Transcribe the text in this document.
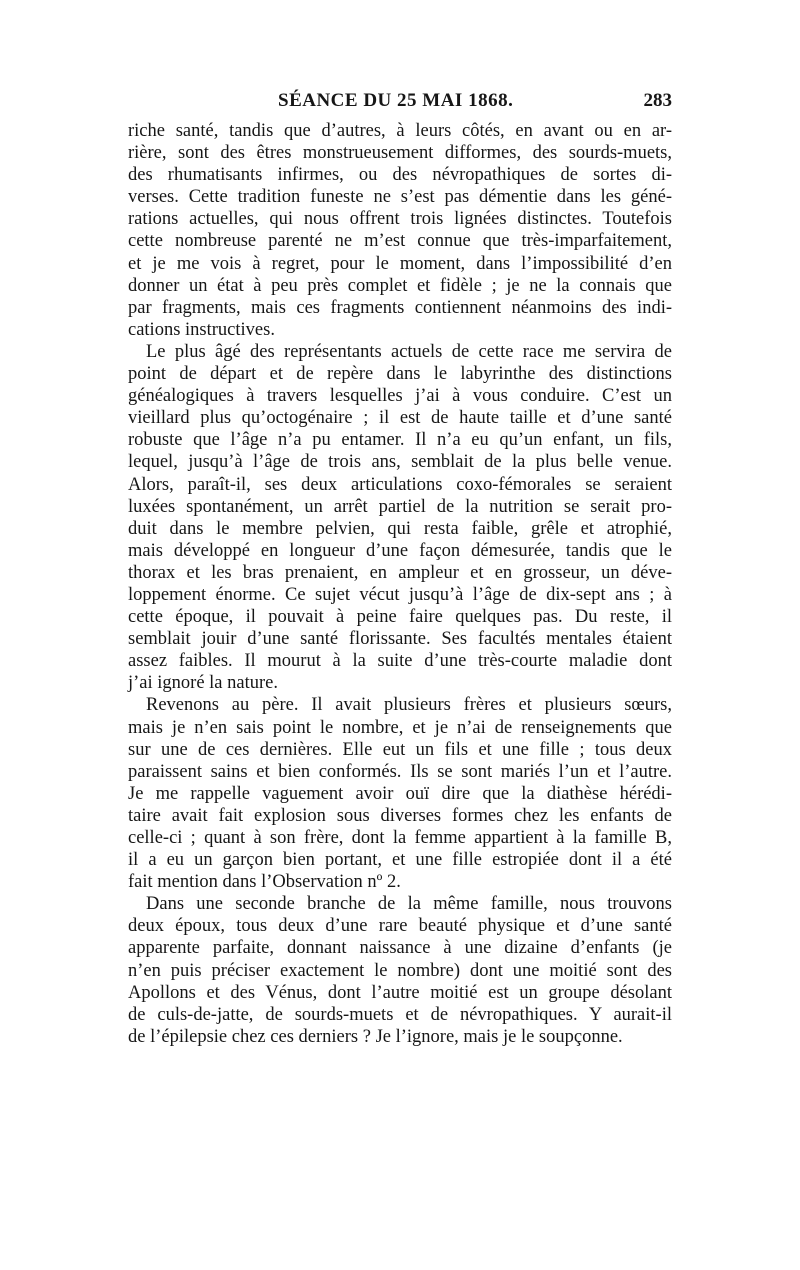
SÉANCE DU 25 MAI 1868.	283

riche santé, tandis que d’autres, à leurs côtés, en avant ou en ar-

rière, sont des êtres monstrueusement difformes, des sourds-muets,

des rhumatisants infirmes, ou des névropathiques de sortes di-

verses. Cette tradition funeste ne s’est pas démentie dans les géné-

rations actuelles, qui nous offrent trois lignées distinctes. Toutefois

cette nombreuse parenté ne m’est connue que très-imparfaitement,

et je me vois à regret, pour le moment, dans l’impossibilité d’en

donner un état à peu près complet et fidèle ; je ne la connais que

par fragments, mais ces fragments contiennent néanmoins des indi-

cations instructives.

Le plus âgé des représentants actuels de cette race me servira de

point de départ et de repère dans le labyrinthe des distinctions

généalogiques à travers lesquelles j’ai à vous conduire. C’est un

vieillard plus qu’octogénaire ; il est de haute taille et d’une santé

robuste que l’âge n’a pu entamer. Il n’a eu qu’un enfant, un fils,

lequel, jusqu’à l’âge de trois ans, semblait de la plus belle venue.

Alors, paraît-il, ses deux articulations coxo-fémorales se seraient

luxées spontanément, un arrêt partiel de la nutrition se serait pro-

duit dans le membre pelvien, qui resta faible, grêle et atrophié,

mais développé en longueur d’une façon démesurée, tandis que le

thorax et les bras prenaient, en ampleur et en grosseur, un déve-

loppement énorme. Ce sujet vécut jusqu’à l’âge de dix-sept ans ; à

cette époque, il pouvait à peine faire quelques pas. Du reste, il

semblait jouir d’une santé florissante. Ses facultés mentales étaient

assez faibles. Il mourut à la suite d’une très-courte maladie dont

j’ai ignoré la nature.

Revenons au père. Il avait plusieurs frères et plusieurs sœurs,

mais je n’en sais point le nombre, et je n’ai de renseignements que

sur une de ces dernières. Elle eut un fils et une fille ; tous deux

paraissent sains et bien conformés. Ils se sont mariés l’un et l’autre.

Je me rappelle vaguement avoir ouï dire que la diathèse hérédi-

taire avait fait explosion sous diverses formes chez les enfants de

celle-ci ; quant à son frère, dont la femme appartient à la famille B,

il a eu un garçon bien portant, et une fille estropiée dont il a été

fait mention dans l’Observation nº 2.

Dans une seconde branche de la même famille, nous trouvons

deux époux, tous deux d’une rare beauté physique et d’une santé

apparente parfaite, donnant naissance à une dizaine d’enfants (je

n’en puis préciser exactement le nombre) dont une moitié sont des

Apollons et des Vénus, dont l’autre moitié est un groupe désolant

de culs-de-jatte, de sourds-muets et de névropathiques. Y aurait-il

de l’épilepsie chez ces derniers ? Je l’ignore, mais je le soupçonne.
